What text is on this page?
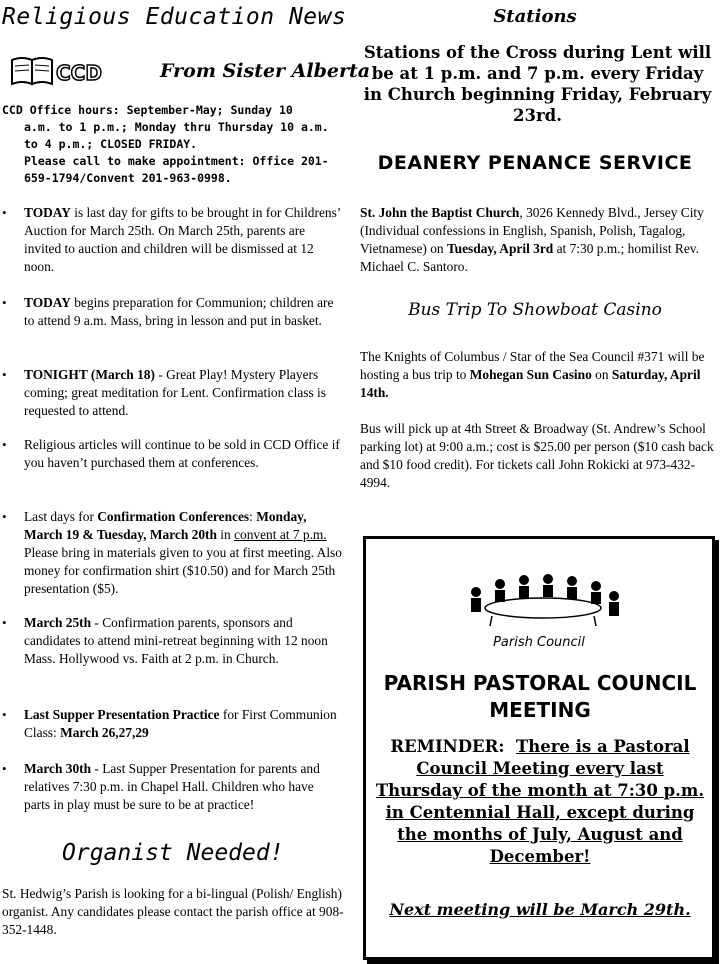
Religious Education News
CCD	From Sister Alberta
CCD Office hours: September-May; Sunday 10
a.m. to 1 p.m.; Monday thru Thursday 10 a.m.
to 4 p.m.; CLOSED FRIDAY.
Please call to make appointment: Office 201-
659-1794/Convent 201-963-0998.
• TODAY is last day for gifts to be brought in for Childrens’ Auction for March 25th. On March 25th, parents are invited to auction and children will be dismissed at 12 noon.
• TODAY begins preparation for Communion; children are to attend 9 a.m. Mass, bring in lesson and put in basket.
• TONIGHT (March 18) - Great Play! Mystery Players coming; great meditation for Lent. Confirmation class is requested to attend.
• Religious articles will continue to be sold in CCD Office if you haven’t purchased them at conferences.
• Last days for Confirmation Conferences: Monday, March 19 & Tuesday, March 20th in convent at 7 p.m. Please bring in materials given to you at first meeting. Also money for confirmation shirt ($10.50) and for March 25th presentation ($5).
• March 25th - Confirmation parents, sponsors and candidates to attend mini-retreat beginning with 12 noon Mass. Hollywood vs. Faith at 2 p.m. in Church.
• Last Supper Presentation Practice for First Communion Class: March 26,27,29
• March 30th - Last Supper Presentation for parents and relatives 7:30 p.m. in Chapel Hall. Children who have parts in play must be sure to be at practice!
Organist Needed!
St. Hedwig’s Parish is looking for a bi-lingual (Polish/ English) organist. Any candidates please contact the parish office at 908-352-1448.
Stations
Stations of the Cross during Lent will be at 1 p.m. and 7 p.m. every Friday in Church beginning Friday, February 23rd.
DEANERY PENANCE SERVICE
St. John the Baptist Church, 3026 Kennedy Blvd., Jersey City (Individual confessions in English, Spanish, Polish, Tagalog, Vietnamese) on Tuesday, April 3rd at 7:30 p.m.; homilist Rev. Michael C. Santoro.
Bus Trip To Showboat Casino
The Knights of Columbus / Star of the Sea Council #371 will be hosting a bus trip to Mohegan Sun Casino on Saturday, April 14th.
Bus will pick up at 4th Street & Broadway (St. Andrew’s School parking lot) at 9:00 a.m.; cost is $25.00 per person ($10 cash back and $10 food credit). For tickets call John Rokicki at 973-432-4994.
Parish Council
PARISH PASTORAL COUNCIL MEETING
REMINDER: There is a Pastoral Council Meeting every last Thursday of the month at 7:30 p.m. in Centennial Hall, except during the months of July, August and December!
Next meeting will be March 29th.
